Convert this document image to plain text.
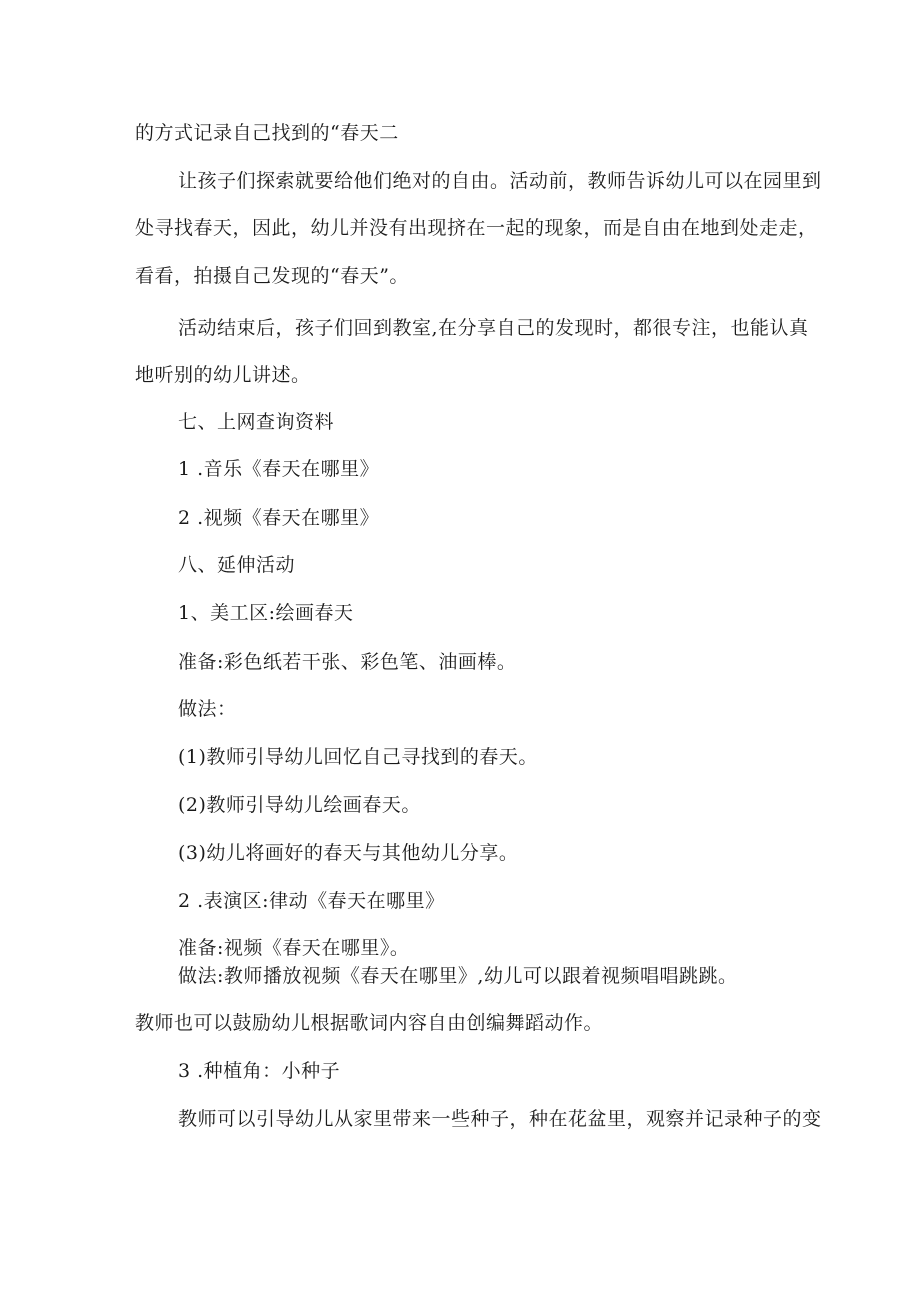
的方式记录自己找到的“春天二
让孩子们探索就要给他们绝对的自由。活动前，教师告诉幼儿可以在园里到
处寻找春天，因此，幼儿并没有出现挤在一起的现象，而是自由在地到处走走，
看看，拍摄自己发现的“春天”。
活动结束后，孩子们回到教室,在分享自己的发现时，都很专注，也能认真
地听别的幼儿讲述。
七、上网查询资料
1 .音乐《春天在哪里》
2 .视频《春天在哪里》
八、延伸活动
1、美工区:绘画春天
准备:彩色纸若干张、彩色笔、油画棒。
做法：
(1)教师引导幼儿回忆自己寻找到的春天。
(2)教师引导幼儿绘画春天。
(3)幼儿将画好的春天与其他幼儿分享。
2 .表演区:律动《春天在哪里》
准备:视频《春天在哪里》。
做法:教师播放视频《春天在哪里》,幼儿可以跟着视频唱唱跳跳。
教师也可以鼓励幼儿根据歌词内容自由创编舞蹈动作。
3 .种植角：小种子
教师可以引导幼儿从家里带来一些种子，种在花盆里，观察并记录种子的变
